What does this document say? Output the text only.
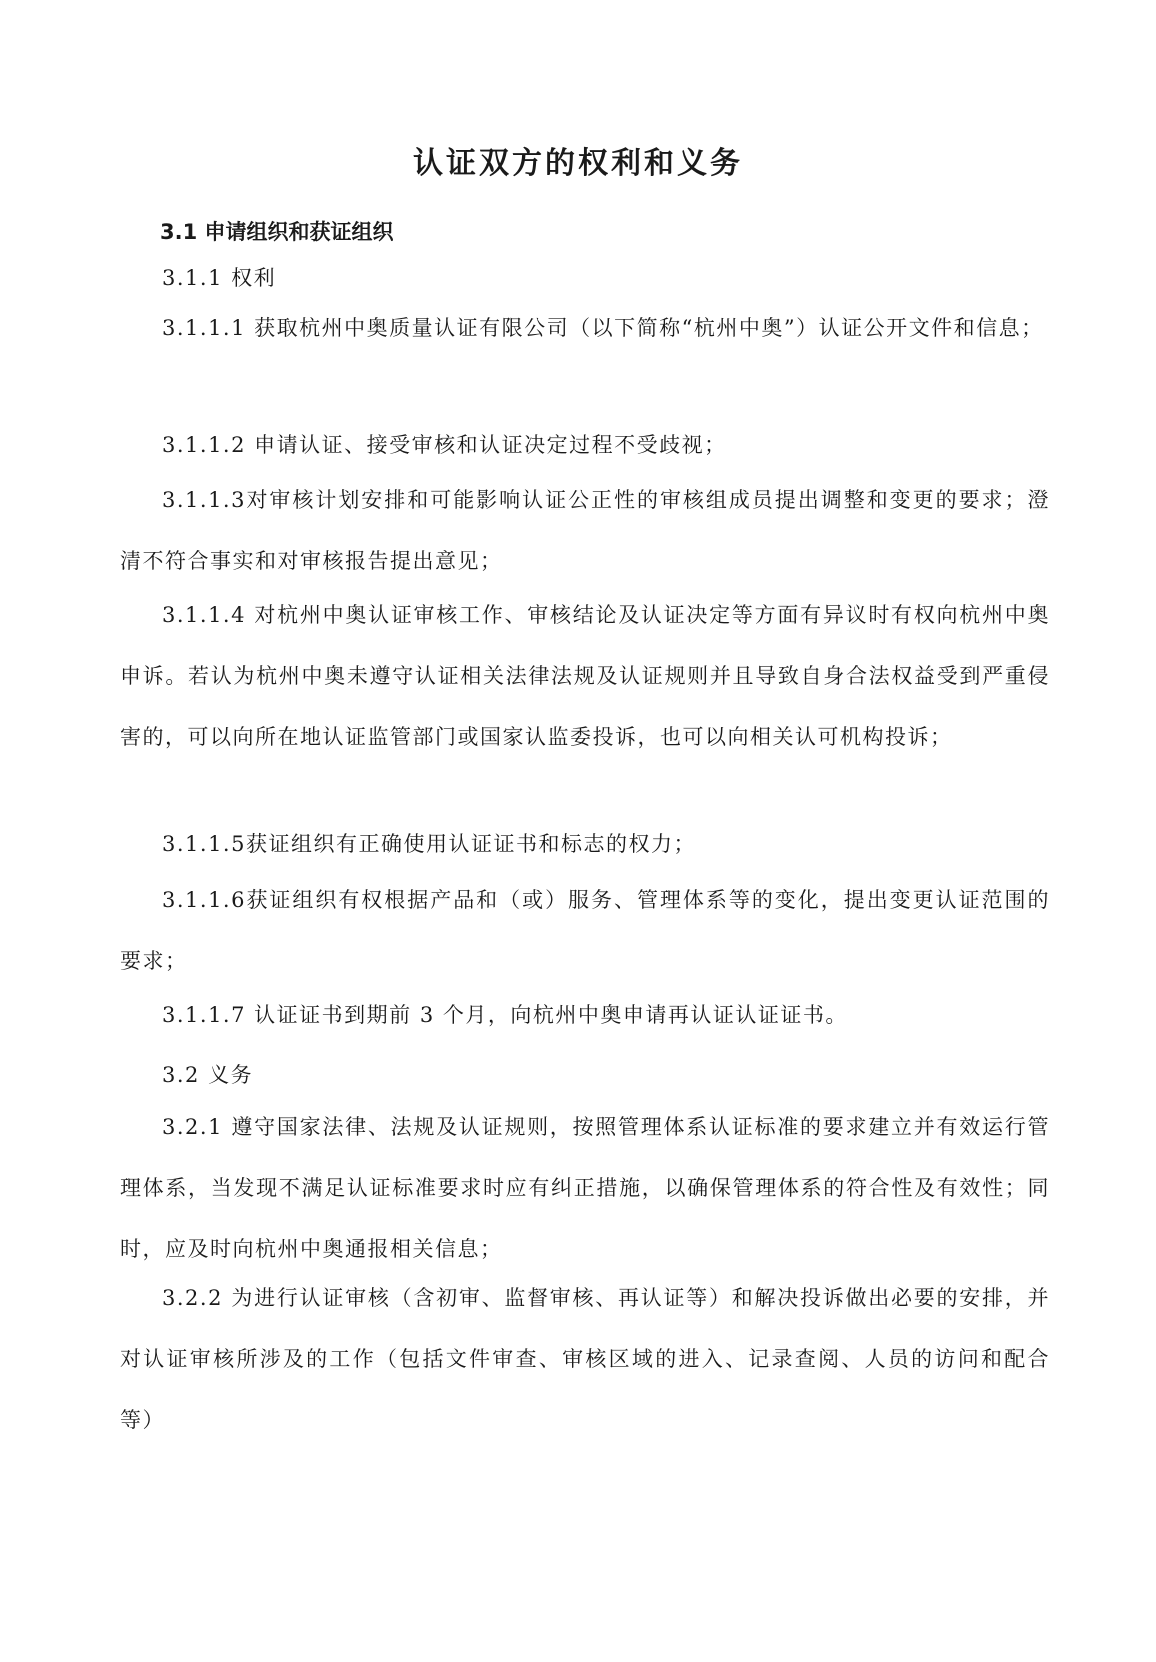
认证双方的权利和义务
3.1 申请组织和获证组织
3.1.1 权利

3.1.1.1 获取杭州中奥质量认证有限公司（以下简称“杭州中奥”）认证公开文件和信息；

3.1.1.2 申请认证、接受审核和认证决定过程不受歧视；

3.1.1.3对审核计划安排和可能影响认证公正性的审核组成员提出调整和变更的要求；澄清不符合事实和对审核报告提出意见；

3.1.1.4 对杭州中奥认证审核工作、审核结论及认证决定等方面有异议时有权向杭州中奥申诉。若认为杭州中奥未遵守认证相关法律法规及认证规则并且导致自身合法权益受到严重侵害的，可以向所在地认证监管部门或国家认监委投诉，也可以向相关认可机构投诉；

3.1.1.5获证组织有正确使用认证证书和标志的权力；

3.1.1.6获证组织有权根据产品和（或）服务、管理体系等的变化，提出变更认证范围的要求；

3.1.1.7 认证证书到期前 3 个月，向杭州中奥申请再认证认证证书。

3.2 义务

3.2.1 遵守国家法律、法规及认证规则，按照管理体系认证标准的要求建立并有效运行管理体系，当发现不满足认证标准要求时应有纠正措施，以确保管理体系的符合性及有效性；同时，应及时向杭州中奥通报相关信息；

3.2.2 为进行认证审核（含初审、监督审核、再认证等）和解决投诉做出必要的安排，并对认证审核所涉及的工作（包括文件审查、审核区域的进入、记录查阅、人员的访问和配合等）
